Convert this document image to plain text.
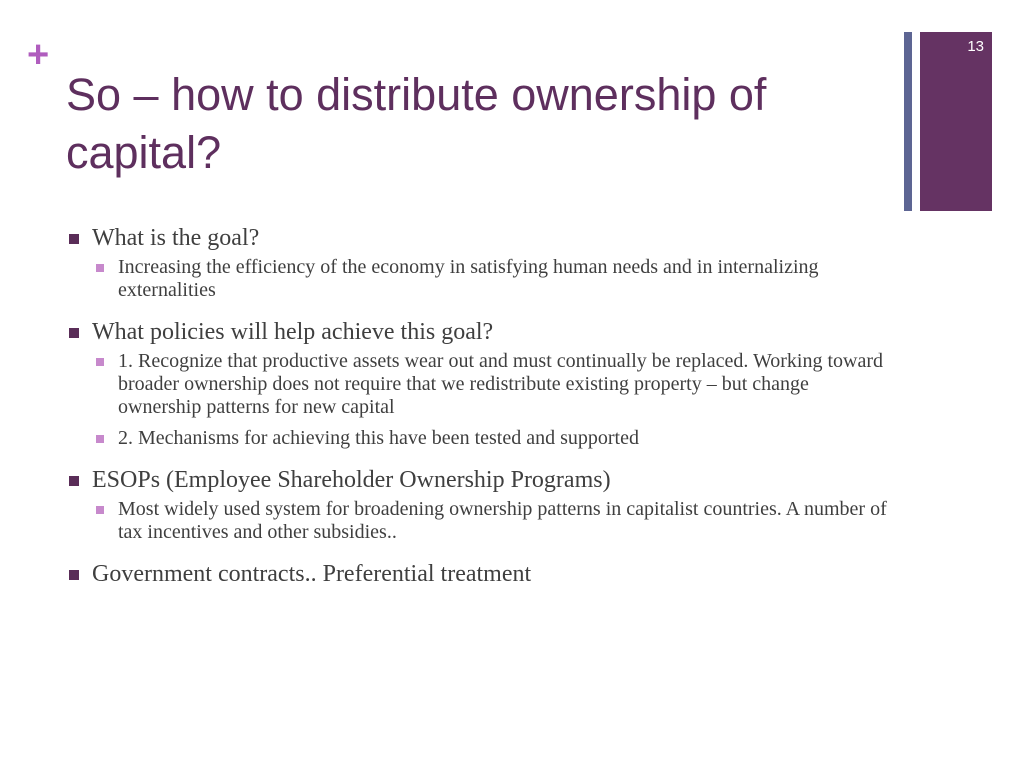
+
So – how to distribute ownership of capital?
13
What is the goal?
Increasing the efficiency of the economy in satisfying human needs and in internalizing externalities
What policies will help achieve this goal?
1. Recognize that productive assets wear out and must continually be replaced. Working toward broader ownership does not require that we redistribute existing property – but change ownership patterns for new capital
2. Mechanisms for achieving this have been tested and supported
ESOPs (Employee Shareholder Ownership Programs)
Most widely used system for broadening ownership patterns in capitalist countries. A number of tax incentives and other subsidies..
Government contracts.. Preferential treatment
